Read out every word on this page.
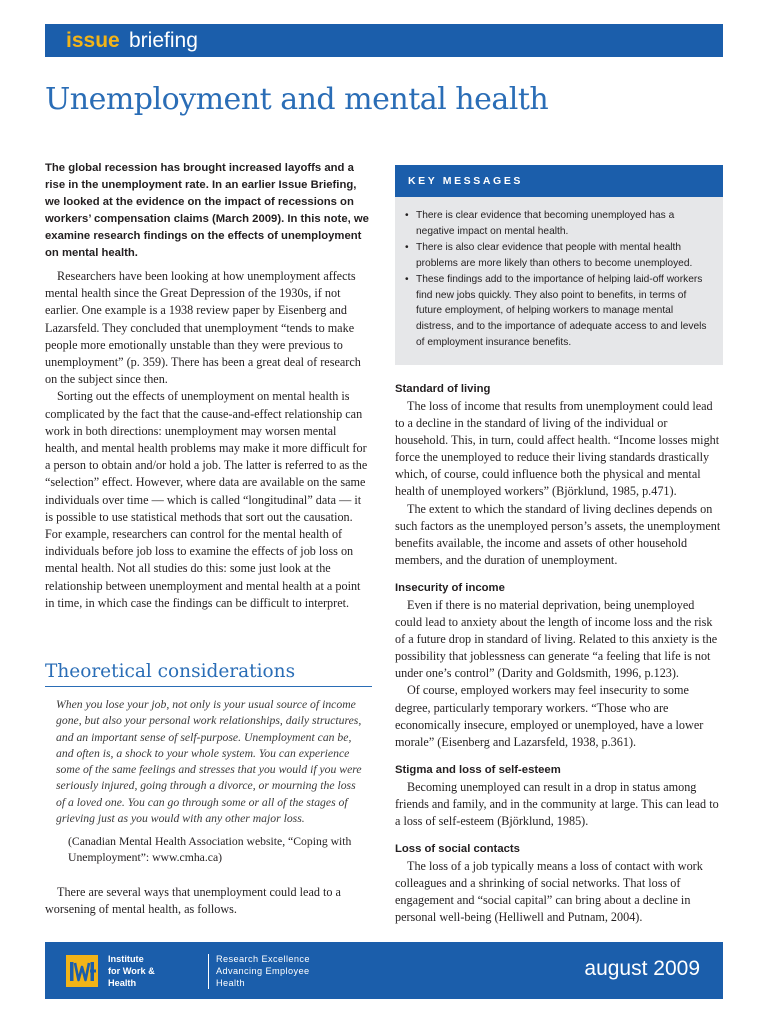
issue briefing
Unemployment and mental health

The global recession has brought increased layoffs and a rise in the unemployment rate. In an earlier Issue Briefing, we looked at the evidence on the impact of recessions on workers’ compensation claims (March 2009). In this note, we examine research findings on the effects of unemployment on mental health.

Researchers have been looking at how unemployment affects mental health since the Great Depression of the 1930s, if not earlier. One example is a 1938 review paper by Eisenberg and Lazarsfeld. They concluded that unemployment “tends to make people more emotionally unstable than they were previous to unemployment” (p. 359). There has been a great deal of research on the subject since then.

Sorting out the effects of unemployment on mental health is complicated by the fact that the cause-and-effect relationship can work in both directions: unemployment may worsen mental health, and mental health problems may make it more difficult for a person to obtain and/or hold a job. The latter is referred to as the “selection” effect. However, where data are available on the same individuals over time — which is called “longitudinal” data — it is possible to use statistical methods that sort out the causation. For example, researchers can control for the mental health of individuals before job loss to examine the effects of job loss on mental health. Not all studies do this: some just look at the relationship between unemployment and mental health at a point in time, in which case the findings can be difficult to interpret.

Theoretical considerations

When you lose your job, not only is your usual source of income gone, but also your personal work relationships, daily structures, and an important sense of self-purpose. Unemployment can be, and often is, a shock to your whole system. You can experience some of the same feelings and stresses that you would if you were seriously injured, going through a divorce, or mourning the loss of a loved one. You can go through some or all of the stages of grieving just as you would with any other major loss.

(Canadian Mental Health Association website, “Coping with Unemployment”: www.cmha.ca)

There are several ways that unemployment could lead to a worsening of mental health, as follows.

KEY MESSAGES
• There is clear evidence that becoming unemployed has a negative impact on mental health.
• There is also clear evidence that people with mental health problems are more likely than others to become unemployed.
• These findings add to the importance of helping laid-off workers find new jobs quickly. They also point to benefits, in terms of future employment, of helping workers to manage mental distress, and to the importance of adequate access to and levels of employment insurance benefits.
Standard of living

The loss of income that results from unemployment could lead to a decline in the standard of living of the individual or household. This, in turn, could affect health. “Income losses might force the unemployed to reduce their living standards drastically which, of course, could influence both the physical and mental health of unemployed workers” (Björklund, 1985, p.471).

The extent to which the standard of living declines depends on such factors as the unemployed person’s assets, the unemployment benefits available, the income and assets of other household members, and the duration of unemployment.

Insecurity of income

Even if there is no material deprivation, being unemployed could lead to anxiety about the length of income loss and the risk of a future drop in standard of living. Related to this anxiety is the possibility that joblessness can generate “a feeling that life is not under one’s control” (Darity and Goldsmith, 1996, p.123).

Of course, employed workers may feel insecurity to some degree, particularly temporary workers. “Those who are economically insecure, employed or unemployed, have a lower morale” (Eisenberg and Lazarsfeld, 1938, p.361).

Stigma and loss of self-esteem

Becoming unemployed can result in a drop in status among friends and family, and in the community at large. This can lead to a loss of self-esteem (Björklund, 1985).

Loss of social contacts

The loss of a job typically means a loss of contact with work colleagues and a shrinking of social networks. That loss of engagement and “social capital” can bring about a decline in personal well-being (Helliwell and Putnam, 2004).

Institute
for Work &
Health

Research Excellence
Advancing Employee
Health

august 2009
